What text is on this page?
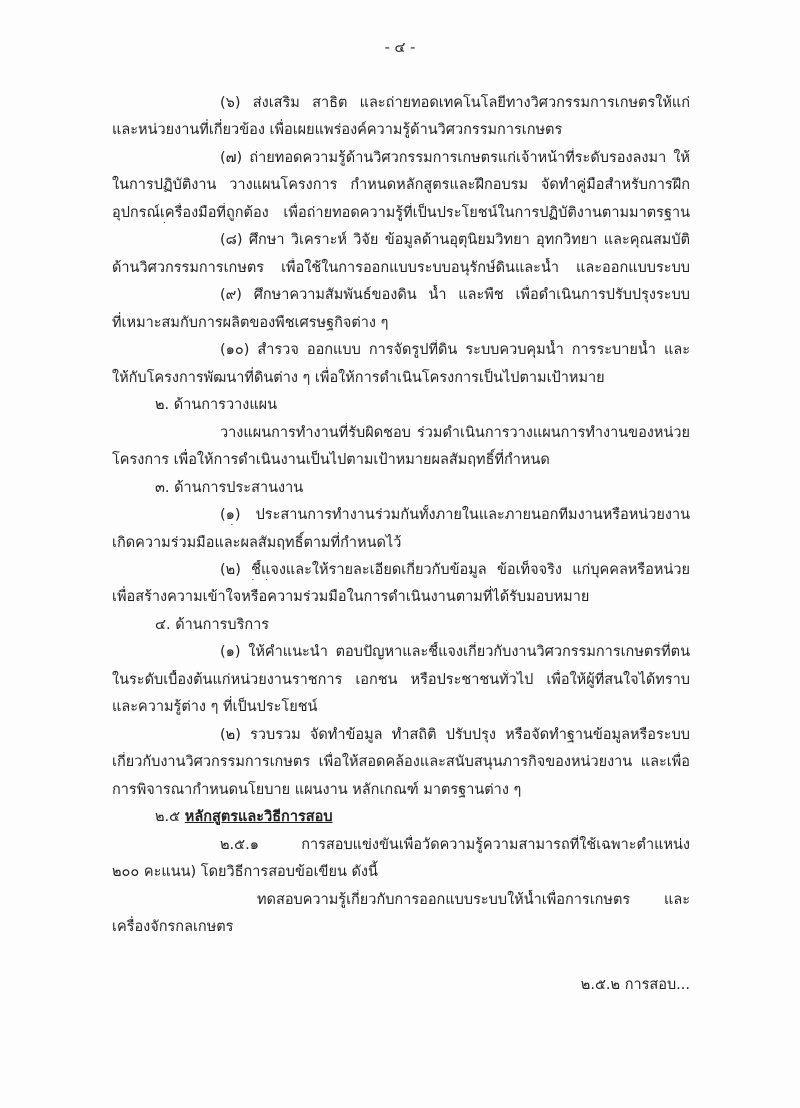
- ๔ -
(๖) ส่งเสริม สาธิต และถ่ายทอดเทคโนโลยีทางวิศวกรรมการเกษตรให้แก่
และหน่วยงานที่เกี่ยวข้อง เพื่อเผยแพร่องค์ความรู้ด้านวิศวกรรมการเกษตร
(๗) ถ่ายทอดความรู้ด้านวิศวกรรมการเกษตรแก่เจ้าหน้าที่ระดับรองลงมา ให้
ในการปฏิบัติงาน วางแผนโครงการ กำหนดหลักสูตรและฝึกอบรม จัดทำคู่มือสำหรับการฝึก
อุปกรณ์เครื่องมือที่ถูกต้อง เพื่อถ่ายทอดความรู้ที่เป็นประโยชน์ในการปฏิบัติงานตามมาตรฐาน
(๘) ศึกษา วิเคราะห์ วิจัย ข้อมูลด้านอุตุนิยมวิทยา อุทกวิทยา และคุณสมบัติ
ด้านวิศวกรรมการเกษตร เพื่อใช้ในการออกแบบระบบอนุรักษ์ดินและน้ำ และออกแบบระบบ
(๙) ศึกษาความสัมพันธ์ของดิน น้ำ และพืช เพื่อดำเนินการปรับปรุงระบบ
ที่เหมาะสมกับการผลิตของพืชเศรษฐกิจต่าง ๆ
(๑๐) สำรวจ ออกแบบ การจัดรูปที่ดิน ระบบควบคุมน้ำ การระบายน้ำ และ
ให้กับโครงการพัฒนาที่ดินต่าง ๆ เพื่อให้การดำเนินโครงการเป็นไปตามเป้าหมาย
๒. ด้านการวางแผน
วางแผนการทำงานที่รับผิดชอบ ร่วมดำเนินการวางแผนการทำงานของหน่วย
โครงการ เพื่อให้การดำเนินงานเป็นไปตามเป้าหมายผลสัมฤทธิ์ที่กำหนด
๓. ด้านการประสานงาน
(๑) ประสานการทำงานร่วมกันทั้งภายในและภายนอกทีมงานหรือหน่วยงาน
เกิดความร่วมมือและผลสัมฤทธิ์ตามที่กำหนดไว้
(๒) ชี้แจงและให้รายละเอียดเกี่ยวกับข้อมูล ข้อเท็จจริง แก่บุคคลหรือหน่วย
เพื่อสร้างความเข้าใจหรือความร่วมมือในการดำเนินงานตามที่ได้รับมอบหมาย
๔. ด้านการบริการ
(๑) ให้คำแนะนำ ตอบปัญหาและชี้แจงเกี่ยวกับงานวิศวกรรมการเกษตรที่ตน
ในระดับเบื้องต้นแก่หน่วยงานราชการ เอกชน หรือประชาชนทั่วไป เพื่อให้ผู้ที่สนใจได้ทราบ
และความรู้ต่าง ๆ ที่เป็นประโยชน์
(๒) รวบรวม จัดทำข้อมูล ทำสถิติ ปรับปรุง หรือจัดทำฐานข้อมูลหรือระบบ
เกี่ยวกับงานวิศวกรรมการเกษตร เพื่อให้สอดคล้องและสนับสนุนภารกิจของหน่วยงาน และเพื่อ
การพิจารณากำหนดนโยบาย แผนงาน หลักเกณฑ์ มาตรฐานต่าง ๆ
๒.๕ หลักสูตรและวิธีการสอบ
๒.๕.๑ การสอบแข่งขันเพื่อวัดความรู้ความสามารถที่ใช้เฉพาะตำแหน่ง
๒๐๐ คะแนน) โดยวิธีการสอบข้อเขียน ดังนี้
ทดสอบความรู้เกี่ยวกับการออกแบบระบบให้น้ำเพื่อการเกษตร และ
เครื่องจักรกลเกษตร
๒.๕.๒ การสอบ...
